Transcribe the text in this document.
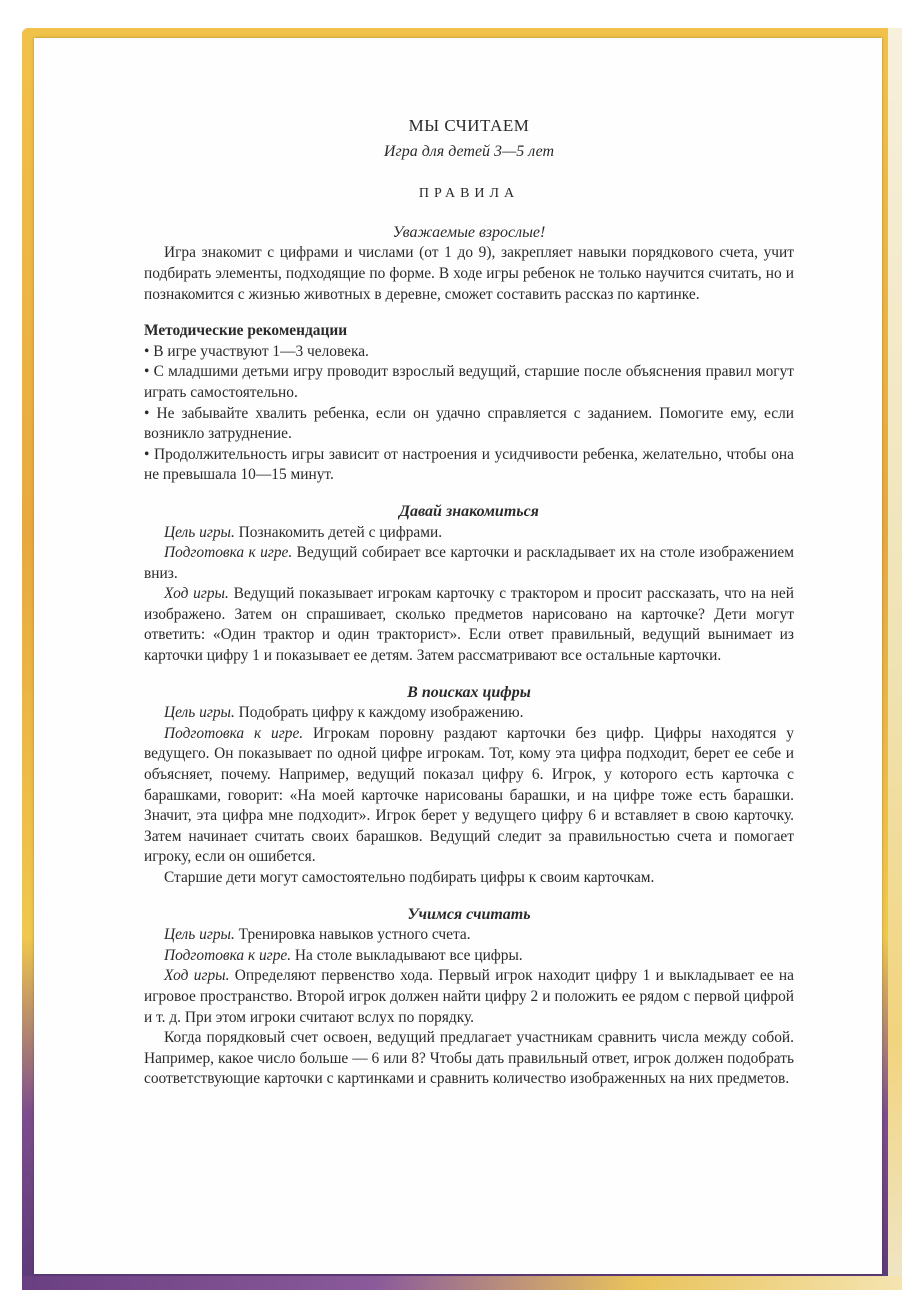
МЫ СЧИТАЕМ

Игра для детей 3—5 лет

ПРАВИЛА

Уважаемые взрослые!

Игра знакомит с цифрами и числами (от 1 до 9), закрепляет навыки порядкового счета, учит подбирать элементы, подходящие по форме. В ходе игры ребенок не только научится считать, но и познакомится с жизнью животных в деревне, сможет составить рассказ по картинке.

Методические рекомендации

• В игре участвуют 1—3 человека.

• С младшими детьми игру проводит взрослый ведущий, старшие после объяснения правил могут играть самостоятельно.

• Не забывайте хвалить ребенка, если он удачно справляется с заданием. Помогите ему, если возникло затруднение.

• Продолжительность игры зависит от настроения и усидчивости ребенка, желательно, чтобы она не превышала 10—15 минут.

Давай знакомиться

Цель игры. Познакомить детей с цифрами.

Подготовка к игре. Ведущий собирает все карточки и раскладывает их на столе изображением вниз.

Ход игры. Ведущий показывает игрокам карточку с трактором и просит рассказать, что на ней изображено. Затем он спрашивает, сколько предметов нарисовано на карточке? Дети могут ответить: «Один трактор и один тракторист». Если ответ правильный, ведущий вынимает из карточки цифру 1 и показывает ее детям. Затем рассматривают все остальные карточки.

В поисках цифры

Цель игры. Подобрать цифру к каждому изображению.

Подготовка к игре. Игрокам поровну раздают карточки без цифр. Цифры находятся у ведущего. Он показывает по одной цифре игрокам. Тот, кому эта цифра подходит, берет ее себе и объясняет, почему. Например, ведущий показал цифру 6. Игрок, у которого есть карточка с барашками, говорит: «На моей карточке нарисованы барашки, и на цифре тоже есть барашки. Значит, эта цифра мне подходит». Игрок берет у ведущего цифру 6 и вставляет в свою карточку. Затем начинает считать своих барашков. Ведущий следит за правильностью счета и помогает игроку, если он ошибется.

Старшие дети могут самостоятельно подбирать цифры к своим карточкам.

Учимся считать

Цель игры. Тренировка навыков устного счета.

Подготовка к игре. На столе выкладывают все цифры.

Ход игры. Определяют первенство хода. Первый игрок находит цифру 1 и выкладывает ее на игровое пространство. Второй игрок должен найти цифру 2 и положить ее рядом с первой цифрой и т. д. При этом игроки считают вслух по порядку.

Когда порядковый счет освоен, ведущий предлагает участникам сравнить числа между собой. Например, какое число больше — 6 или 8? Чтобы дать правильный ответ, игрок должен подобрать соответствующие карточки с картинками и сравнить количество изображенных на них предметов.
